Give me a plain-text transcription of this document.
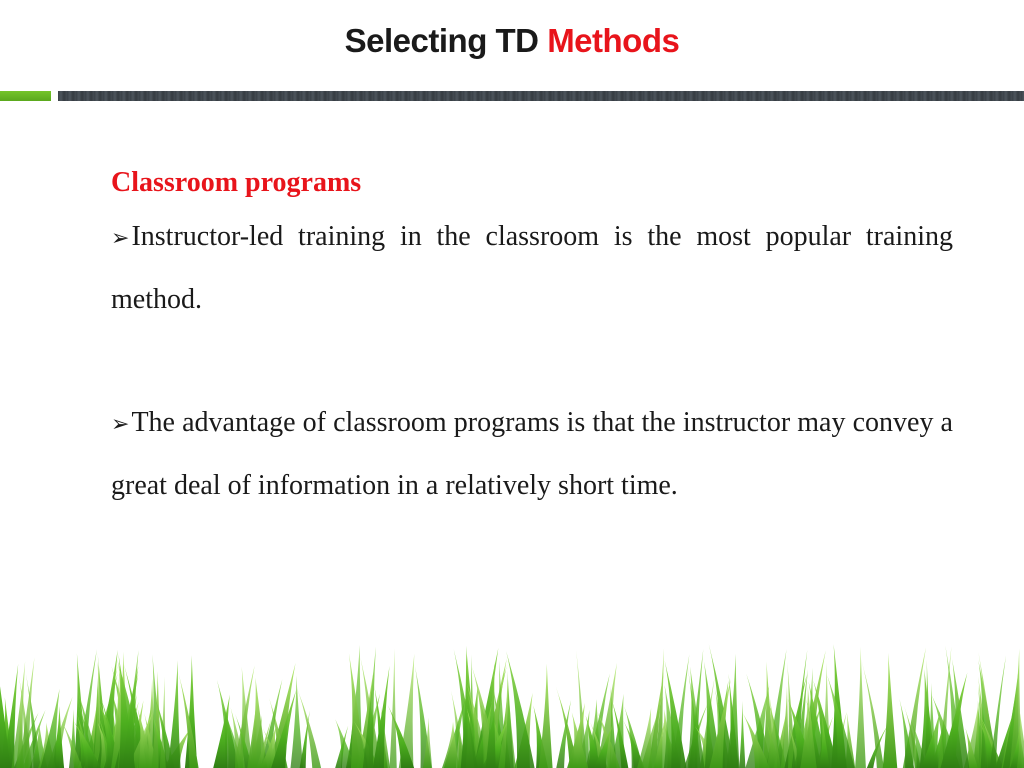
Selecting TD Methods

Classroom programs

➢Instructor-led training in the classroom is the most popular training method.

➢The advantage of classroom programs is that the instructor may convey a great deal of information in a relatively short time.
